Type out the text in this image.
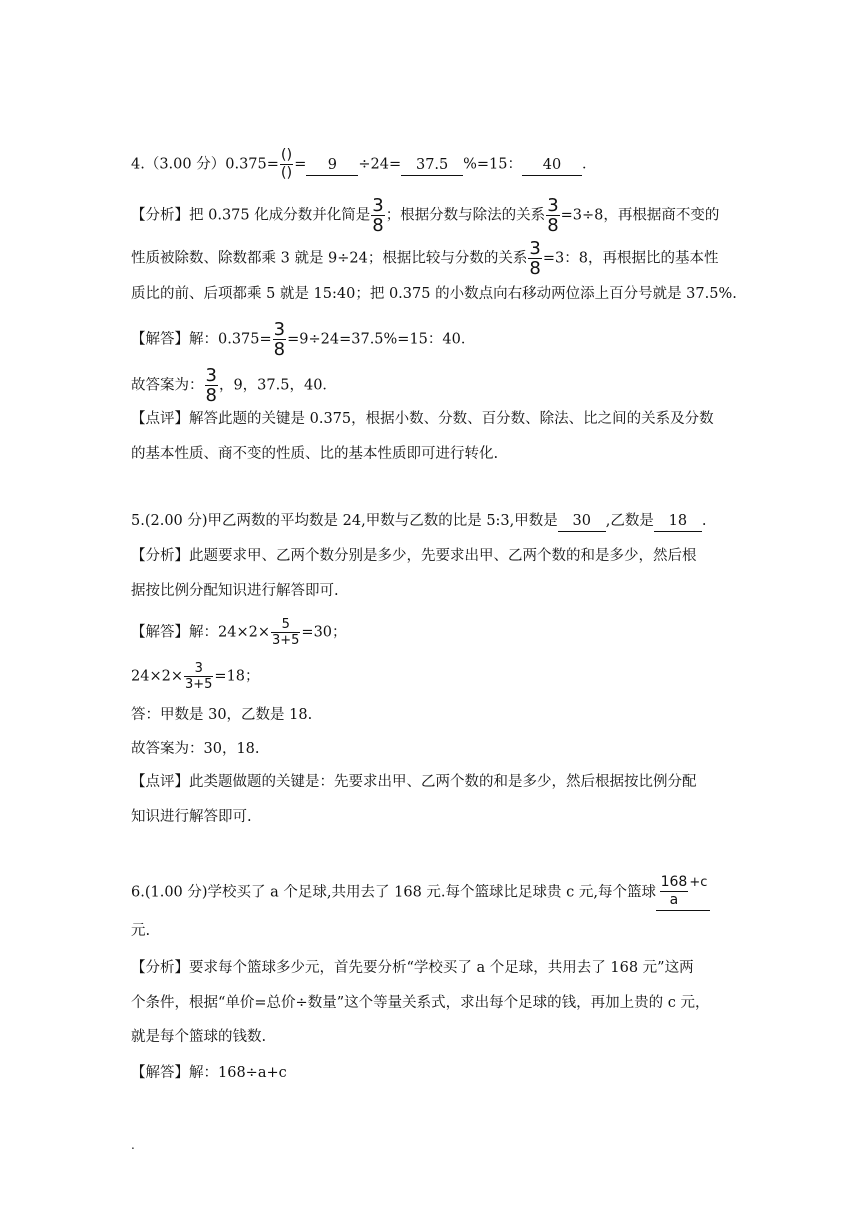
4.（3.00 分）$0.375= \frac{()}{()} = 9 \div 24= 37.5$ %=15： 40 ．
【分析】把 0.375 化成分数并化简是 $\frac{3}{8}$ ；根据分数与除法的关系 $\frac{3}{8} =3\div 8$，再根据商不变的
性质被除数、除数都乘 3 就是 9÷24；根据比较与分数的关系 $\frac{3}{8} =3$：8，再根据比的基本性
质比的前、后项都乘 5 就是 15:40；把 0.375 的小数点向右移动两位添上百分号就是 37.5%.
【解答】解：$0.375= \frac{3}{8} =9\div 24=37.5\%=15$：40．
故答案为： $\frac{3}{8}$ ，9，37.5，40．
【点评】解答此题的关键是 0.375，根据小数、分数、百分数、除法、比之间的关系及分数
的基本性质、商不变的性质、比的基本性质即可进行转化.
5.(2.00 分)甲乙两数的平均数是 24,甲数与乙数的比是 5:3,甲数是 30 ,乙数是 18 .
【分析】此题要求甲、乙两个数分别是多少，先要求出甲、乙两个数的和是多少，然后根
据按比例分配知识进行解答即可.
【解答】解：$24\times 2\times \frac{5}{3+5} =30$；
$24\times 2\times \frac{3}{3+5} =18$；
答：甲数是 30，乙数是 18.
故答案为：30，18.
【点评】此类题做题的关键是：先要求出甲、乙两个数的和是多少，然后根据按比例分配
知识进行解答即可.
6.(1.00 分)学校买了 a 个足球,共用去了 168 元.每个篮球比足球贵 c 元,每个篮球 $\frac{168}{a} +c$
元.
【分析】要求每个篮球多少元，首先要分析“学校买了 a 个足球，共用去了 168 元”这两
个条件，根据“单价=总价÷数量”这个等量关系式，求出每个足球的钱，再加上贵的 c 元，
就是每个篮球的钱数.
【解答】解：168÷a+c
.
